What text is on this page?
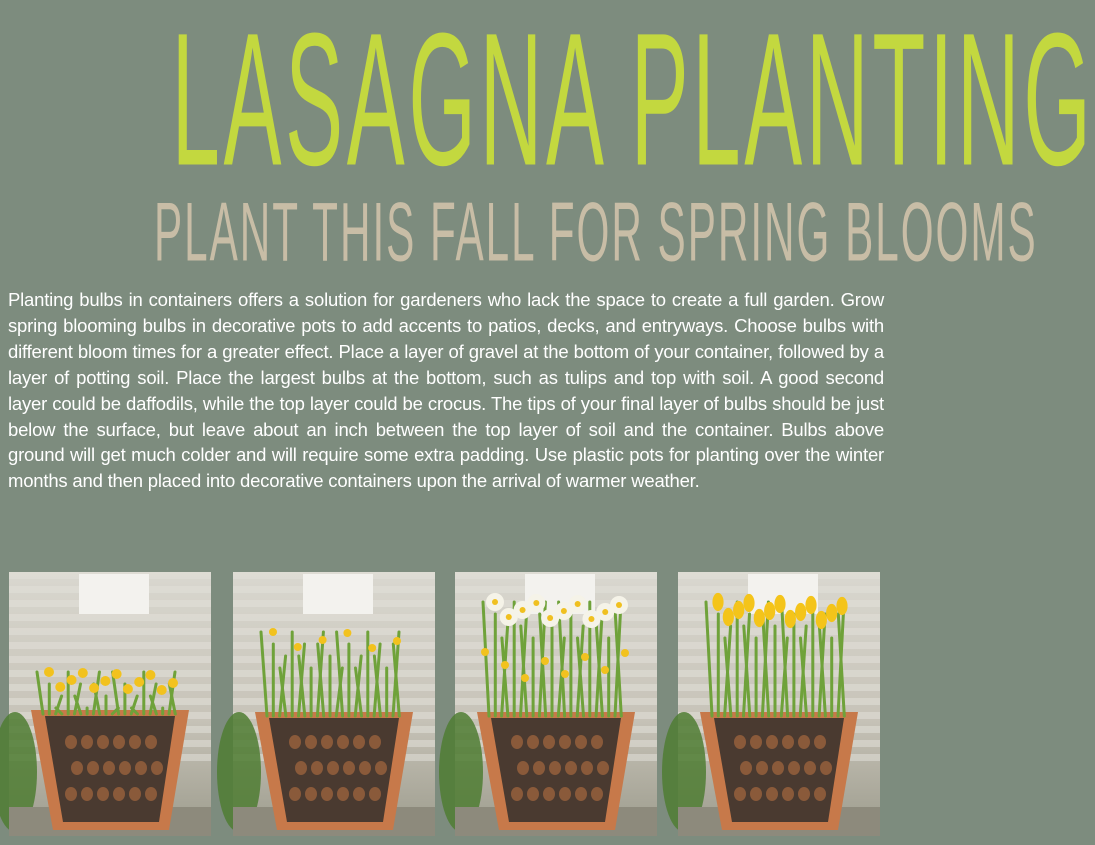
LASAGNA PLANTING
PLANT THIS FALL FOR SPRING BLOOMS

Planting bulbs in containers offers a solution for gardeners who lack the space to create a full garden. Grow spring blooming bulbs in decorative pots to add accents to patios, decks, and entryways. Choose bulbs with different bloom times for a greater effect. Place a layer of gravel at the bottom of your container, followed by a layer of potting soil. Place the largest bulbs at the bottom, such as tulips and top with soil. A good second layer could be daffodils, while the top layer could be crocus. The tips of your final layer of bulbs should be just below the surface, but leave about an inch between the top layer of soil and the container. Bulbs above ground will get much colder and will require some extra padding. Use plastic pots for planting over the winter months and then placed into decorative containers upon the arrival of warmer weather.
